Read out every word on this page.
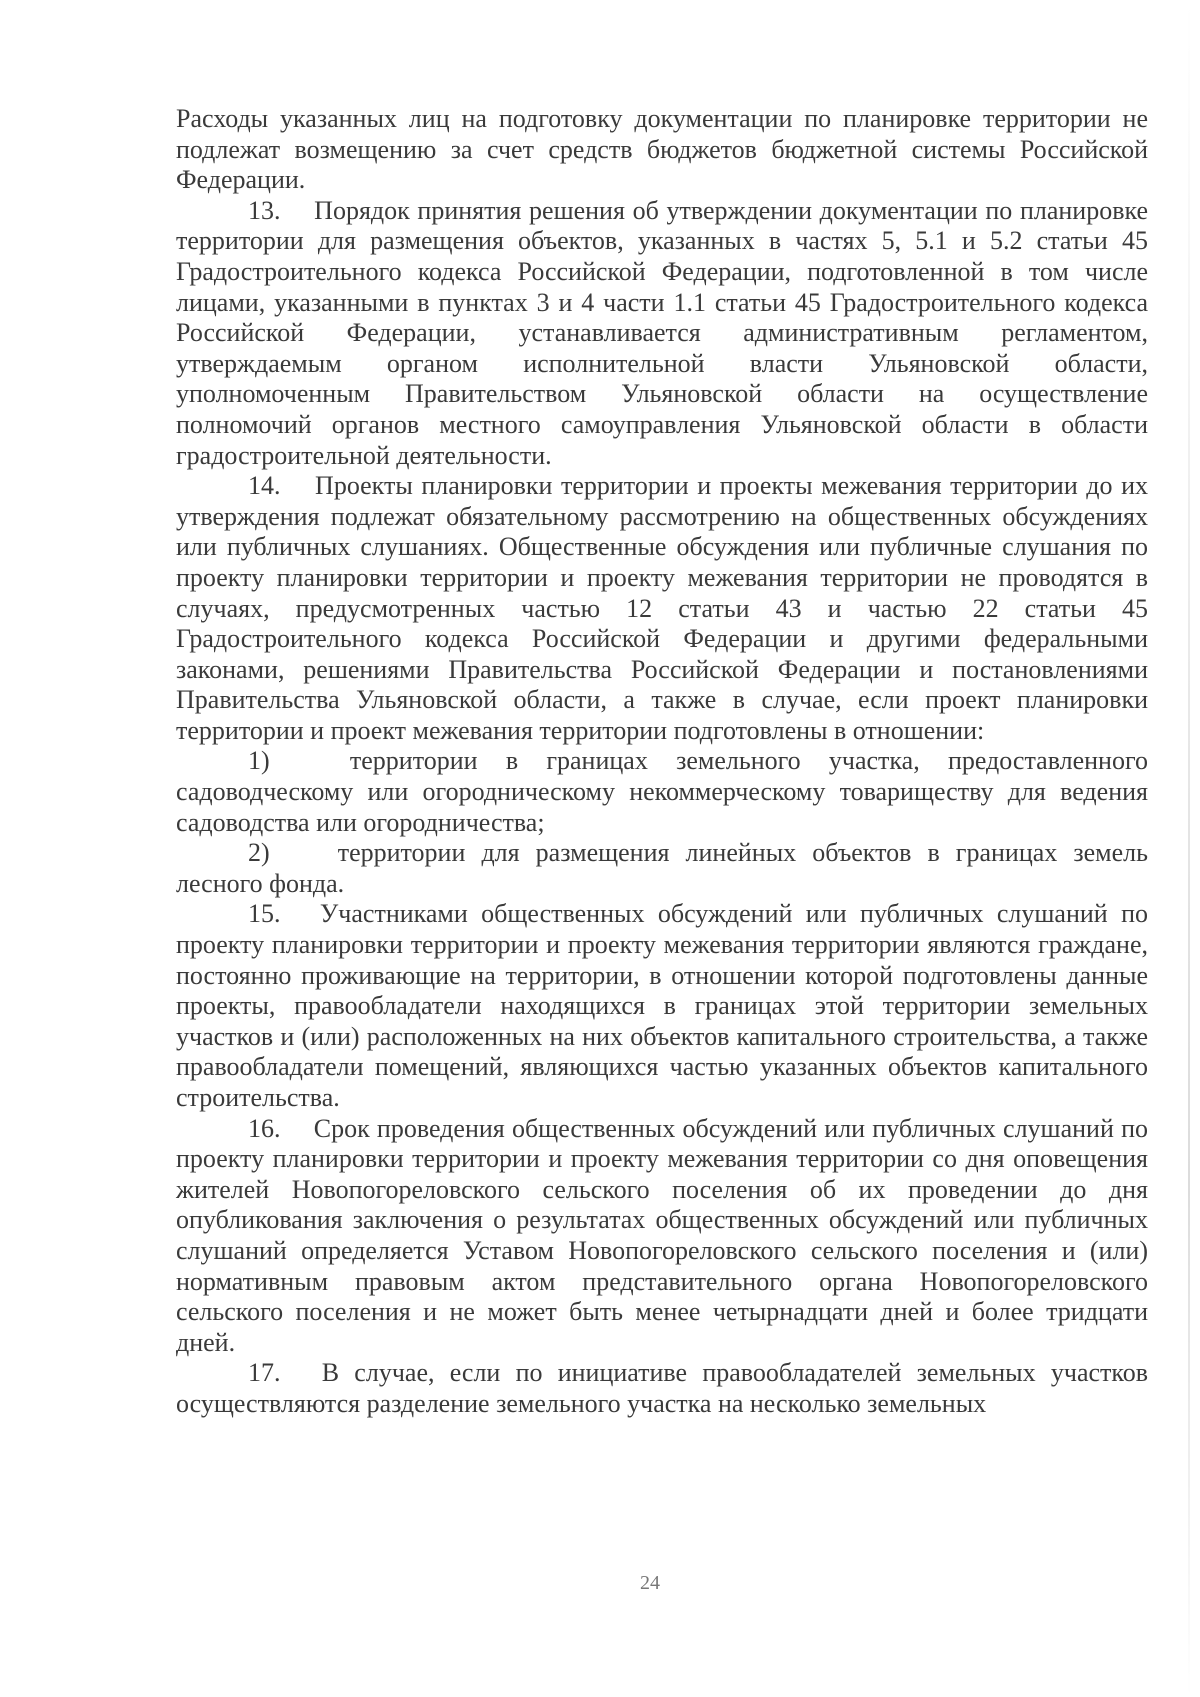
Расходы указанных лиц на подготовку документации по планировке территории не подлежат возмещению за счет средств бюджетов бюджетной системы Российской Федерации.

13.  Порядок принятия решения об утверждении документации по планировке территории для размещения объектов, указанных в частях 5, 5.1 и 5.2 статьи 45 Градостроительного кодекса Российской Федерации, подготовленной в том числе лицами, указанными в пунктах 3 и 4 части 1.1 статьи 45 Градостроительного кодекса Российской Федерации, устанавливается административным регламентом, утверждаемым органом исполнительной власти Ульяновской области, уполномоченным Правительством Ульяновской области на осуществление полномочий органов местного самоуправления Ульяновской области в области градостроительной деятельности.

14.  Проекты планировки территории и проекты межевания территории до их утверждения подлежат обязательному рассмотрению на общественных обсуждениях или публичных слушаниях. Общественные обсуждения или публичные слушания по проекту планировки территории и проекту межевания территории не проводятся в случаях, предусмотренных частью 12 статьи 43 и частью 22 статьи 45 Градостроительного кодекса Российской Федерации и другими федеральными законами, решениями Правительства Российской Федерации и постановлениями Правительства Ульяновской области, а также в случае, если проект планировки территории и проект межевания территории подготовлены в отношении:

1)   территории в границах земельного участка, предоставленного садоводческому или огородническому некоммерческому товариществу для ведения садоводства или огородничества;

2)   территории для размещения линейных объектов в границах земель лесного фонда.

15.  Участниками общественных обсуждений или публичных слушаний по проекту планировки территории и проекту межевания территории являются граждане, постоянно проживающие на территории, в отношении которой подготовлены данные проекты, правообладатели находящихся в границах этой территории земельных участков и (или) расположенных на них объектов капитального строительства, а также правообладатели помещений, являющихся частью указанных объектов капитального строительства.

16.  Срок проведения общественных обсуждений или публичных слушаний по проекту планировки территории и проекту межевания территории со дня оповещения жителей Новопогореловского сельского поселения об их проведении до дня опубликования заключения о результатах общественных обсуждений или публичных слушаний определяется Уставом Новопогореловского сельского поселения и (или) нормативным правовым актом представительного органа Новопогореловского сельского поселения и не может быть менее четырнадцати дней и более тридцати дней.

17.  В случае, если по инициативе правообладателей земельных участков осуществляются разделение земельного участка на несколько земельных

24
